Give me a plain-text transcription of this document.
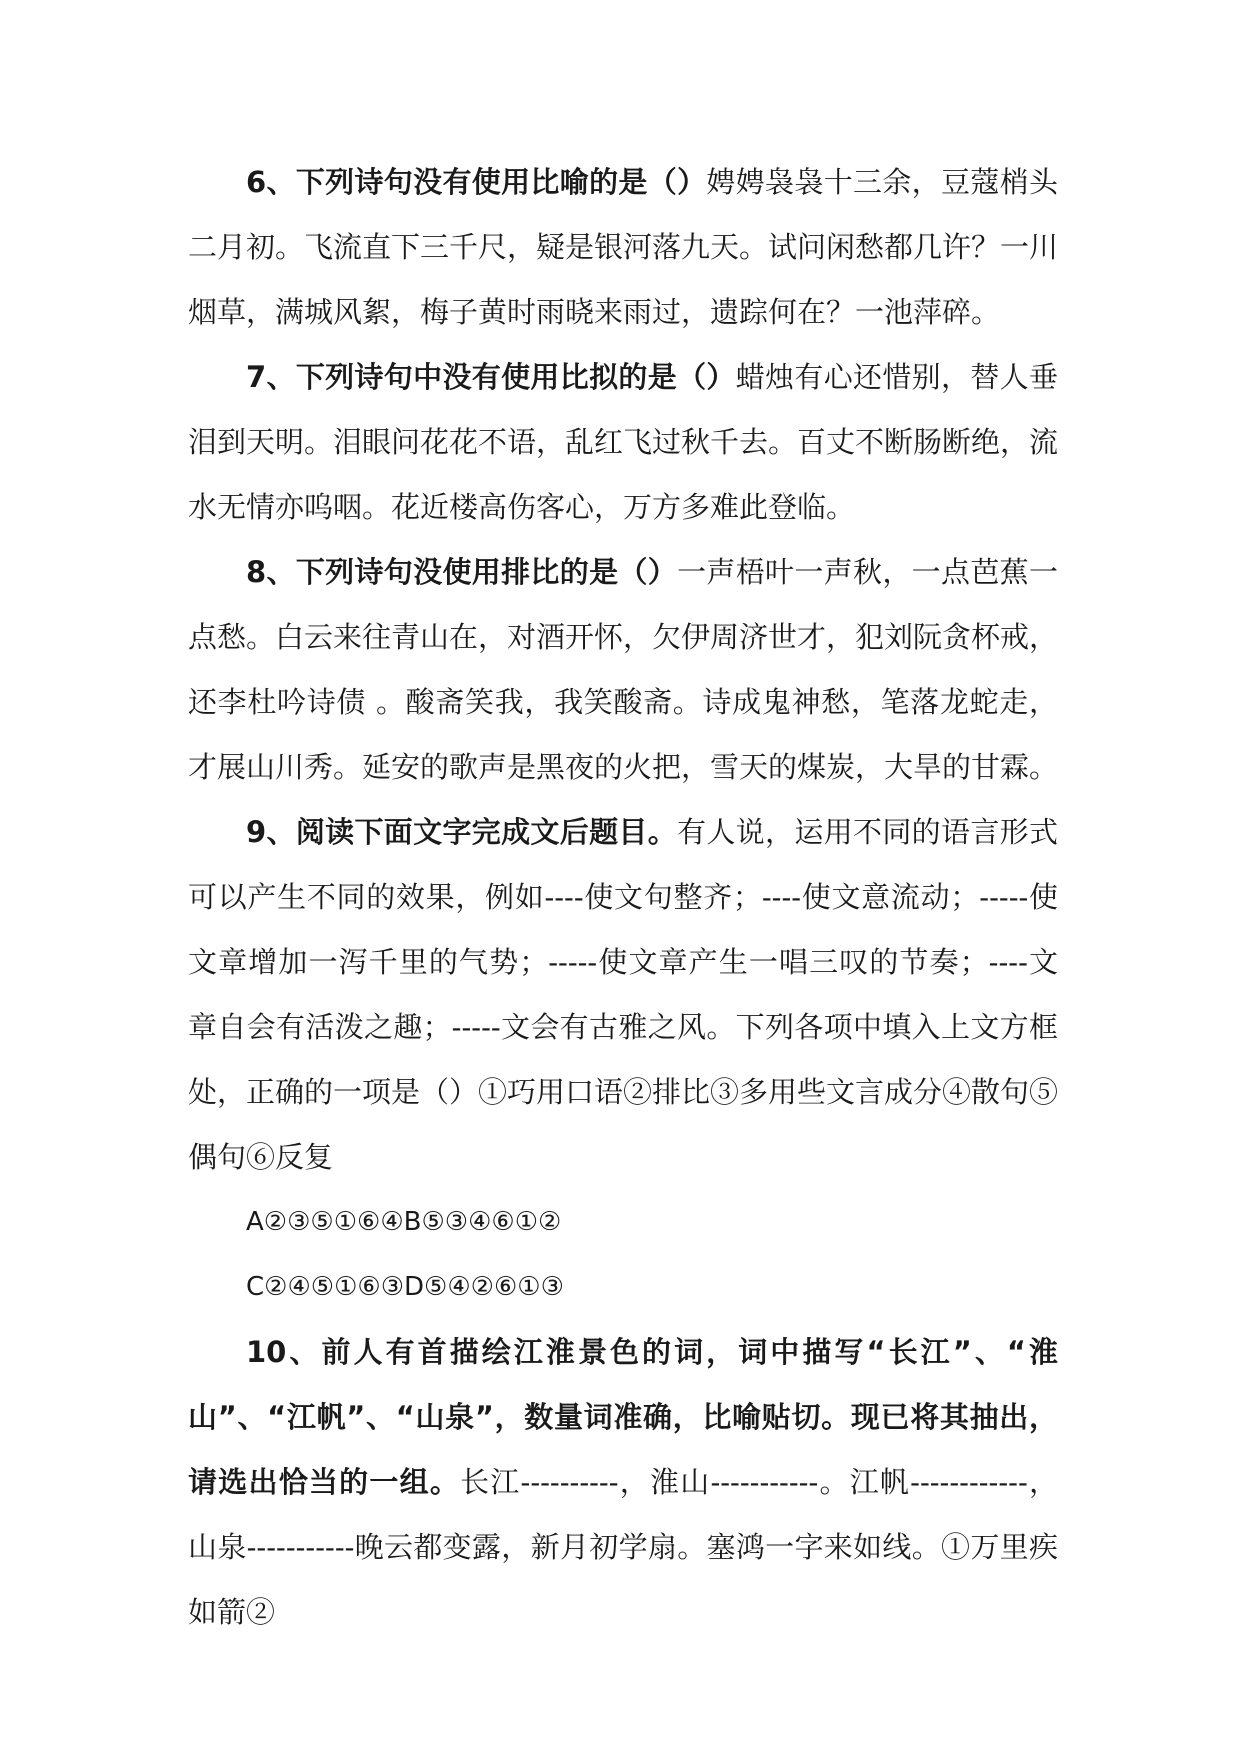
6、下列诗句没有使用比喻的是（）娉娉袅袅十三余，豆蔻梢头二月初。飞流直下三千尺，疑是银河落九天。试问闲愁都几许？一川烟草，满城风絮，梅子黄时雨晓来雨过，遗踪何在？一池萍碎。

7、下列诗句中没有使用比拟的是（）蜡烛有心还惜别，替人垂泪到天明。泪眼问花花不语，乱红飞过秋千去。百丈不断肠断绝，流水无情亦呜咽。花近楼高伤客心，万方多难此登临。

8、下列诗句没使用排比的是（）一声梧叶一声秋，一点芭蕉一点愁。白云来往青山在，对酒开怀，欠伊周济世才，犯刘阮贪杯戒，还李杜吟诗债 。酸斋笑我，我笑酸斋。诗成鬼神愁，笔落龙蛇走，才展山川秀。延安的歌声是黑夜的火把，雪天的煤炭，大旱的甘霖。

9、阅读下面文字完成文后题目。有人说，运用不同的语言形式可以产生不同的效果，例如----使文句整齐；----使文意流动；-----使文章增加一泻千里的气势；-----使文章产生一唱三叹的节奏；----文章自会有活泼之趣；-----文会有古雅之风。下列各项中填入上文方框处，正确的一项是（）①巧用口语②排比③多用些文言成分④散句⑤偶句⑥反复

A②③⑤①⑥④B⑤③④⑥①②

C②④⑤①⑥③D⑤④②⑥①③

10、前人有首描绘江淮景色的词，词中描写“长江”、“淮山”、“江帆”、“山泉”，数量词准确，比喻贴切。现已将其抽出，请选出恰当的一组。长江----------，淮山-----------。江帆------------，山泉-----------晚云都变露，新月初学扇。塞鸿一字来如线。①万里疾如箭②
